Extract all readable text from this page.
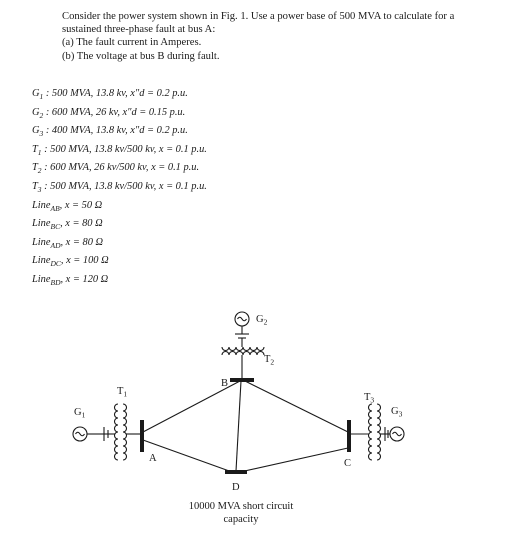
Consider the power system shown in Fig. 1. Use a power base of 500 MVA to calculate for a
sustained three-phase fault at bus A:
(a) The fault current in Amperes.
(b) The voltage at bus B during fault.
$G_1$ : 500 MVA, 13.8 kv, x″d = 0.2 p.u.
$G_2$ : 600 MVA, 26 kv, x″d = 0.15 p.u.
$G_3$ : 400 MVA, 13.8 kv, x″d = 0.2 p.u.
$T_1$ : 500 MVA, 13.8 kv/500 kv, x = 0.1 p.u.
$T_2$ : 600 MVA, 26 kv/500 kv, x = 0.1 p.u.
$T_3$ : 500 MVA, 13.8 kv/500 kv, x = 0.1 p.u.
Line$_{AB}$, x = 50 Ω
Line$_{BC}$, x = 80 Ω
Line$_{AD}$, x = 80 Ω
Line$_{DC}$, x = 100 Ω
Line$_{BD}$, x = 120 Ω
$G_1$
$T_1$
A
$G_2$
$T_2$
B
$T_3$
$G_3$
C
D
10000 MVA short circuit
capacity
